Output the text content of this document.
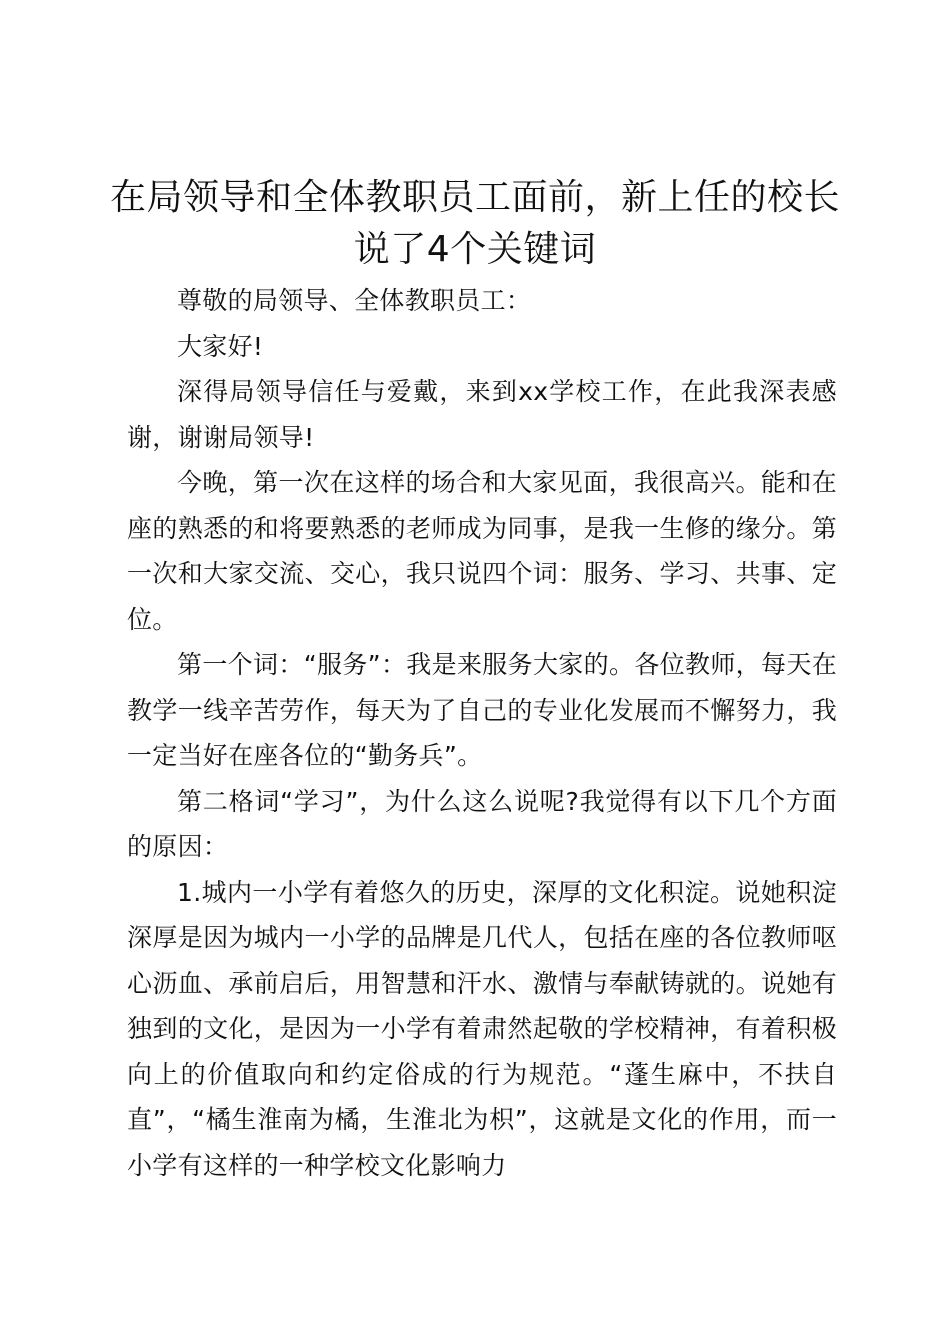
在局领导和全体教职员工面前，新上任的校长说了4个关键词

尊敬的局领导、全体教职员工：

大家好!

深得局领导信任与爱戴，来到xx学校工作，在此我深表感谢，谢谢局领导!

今晚，第一次在这样的场合和大家见面，我很高兴。能和在座的熟悉的和将要熟悉的老师成为同事，是我一生修的缘分。第一次和大家交流、交心，我只说四个词：服务、学习、共事、定位。

第一个词：“服务”：我是来服务大家的。各位教师，每天在教学一线辛苦劳作，每天为了自己的专业化发展而不懈努力，我一定当好在座各位的“勤务兵”。

第二格词“学习”，为什么这么说呢?我觉得有以下几个方面的原因：

1.城内一小学有着悠久的历史，深厚的文化积淀。说她积淀深厚是因为城内一小学的品牌是几代人，包括在座的各位教师呕心沥血、承前启后，用智慧和汗水、激情与奉献铸就的。说她有独到的文化，是因为一小学有着肃然起敬的学校精神，有着积极向上的价值取向和约定俗成的行为规范。“蓬生麻中，不扶自直”，“橘生淮南为橘，生淮北为枳”，这就是文化的作用，而一小学有这样的一种学校文化影响力
